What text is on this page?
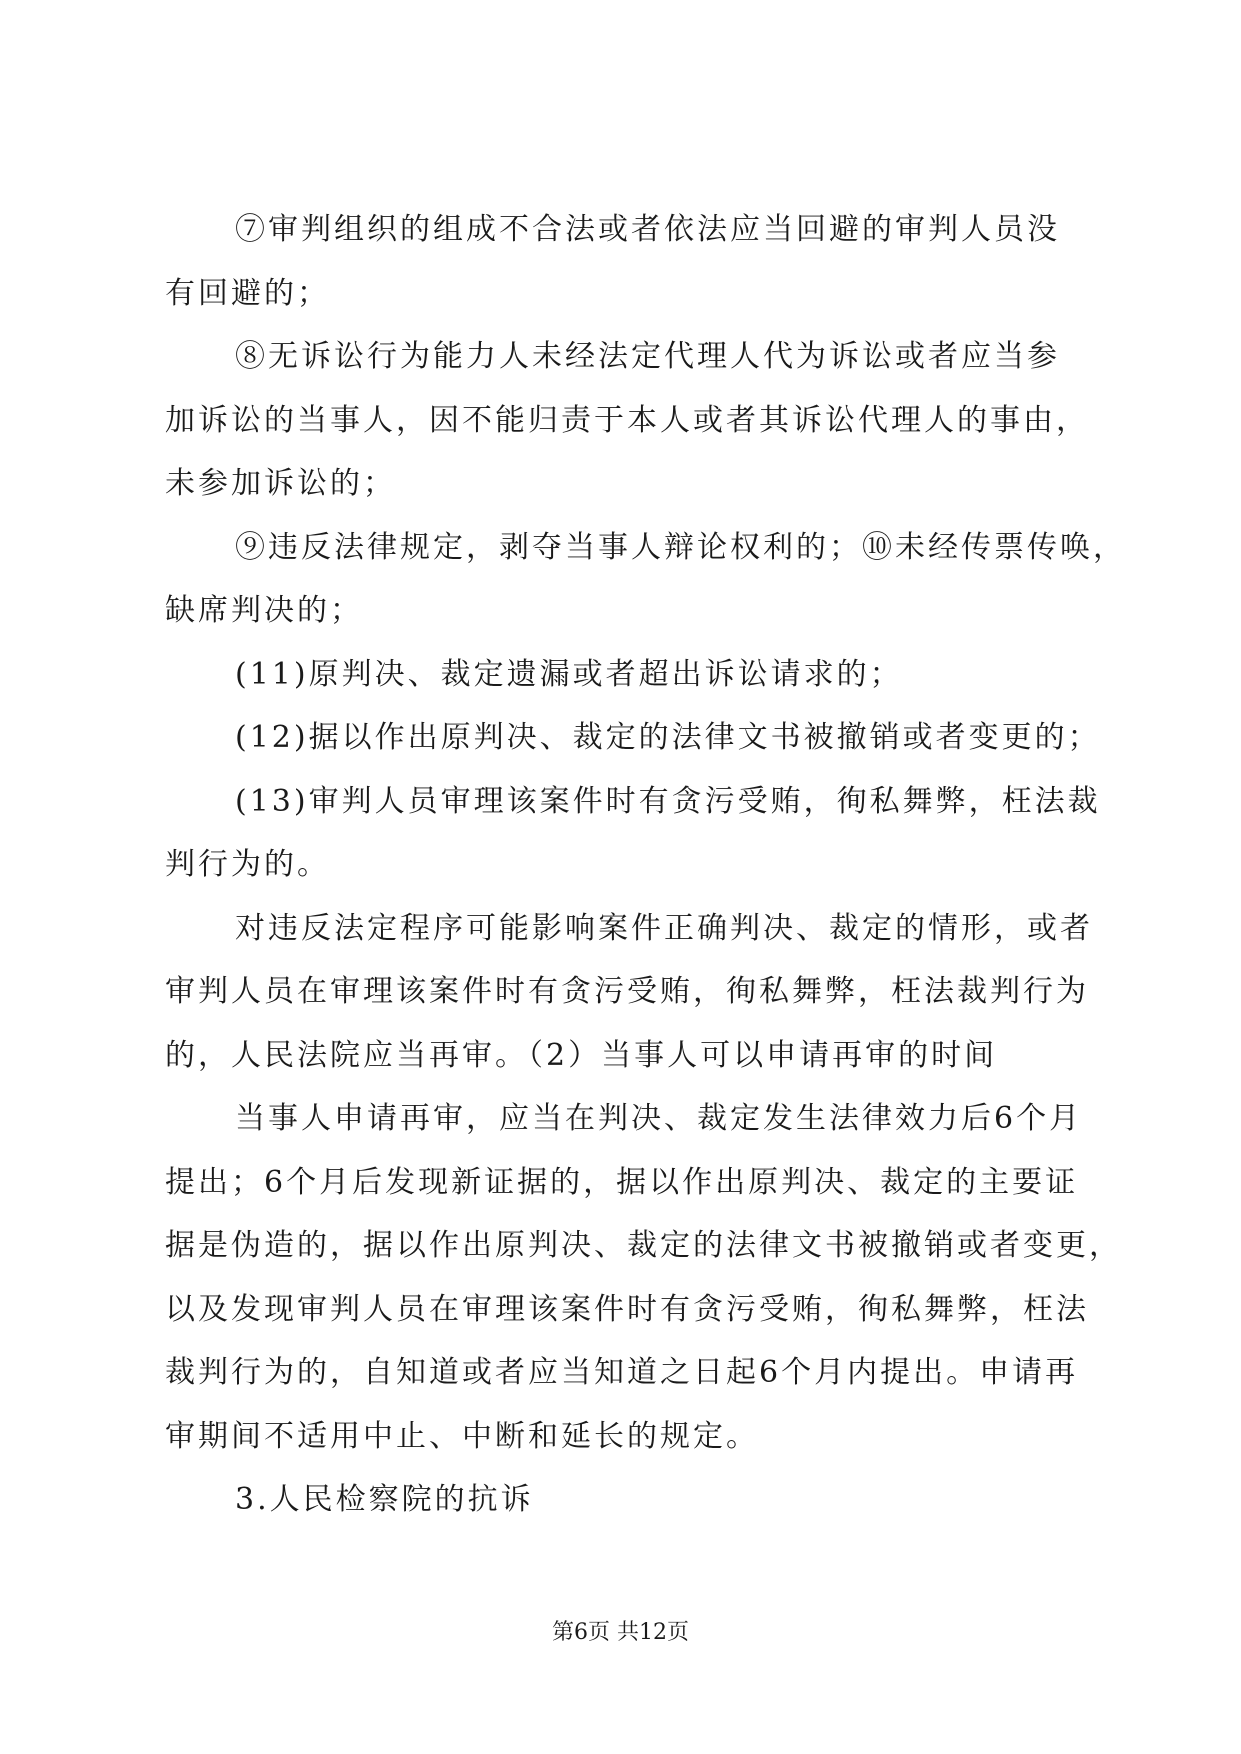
⑦审判组织的组成不合法或者依法应当回避的审判人员没
有回避的；
⑧无诉讼行为能力人未经法定代理人代为诉讼或者应当参
加诉讼的当事人，因不能归责于本人或者其诉讼代理人的事由，
未参加诉讼的；
⑨违反法律规定，剥夺当事人辩论权利的；⑩未经传票传唤，
缺席判决的；
(11)原判决、裁定遗漏或者超出诉讼请求的；
(12)据以作出原判决、裁定的法律文书被撤销或者变更的；
(13)审判人员审理该案件时有贪污受贿，徇私舞弊，枉法裁
判行为的。
对违反法定程序可能影响案件正确判决、裁定的情形，或者
审判人员在审理该案件时有贪污受贿，徇私舞弊，枉法裁判行为
的，人民法院应当再审。（2）当事人可以申请再审的时间
当事人申请再审，应当在判决、裁定发生法律效力后6个月
提出；6个月后发现新证据的，据以作出原判决、裁定的主要证
据是伪造的，据以作出原判决、裁定的法律文书被撤销或者变更，
以及发现审判人员在审理该案件时有贪污受贿，徇私舞弊，枉法
裁判行为的，自知道或者应当知道之日起6个月内提出。申请再
审期间不适用中止、中断和延长的规定。
3.人民检察院的抗诉
第6页 共12页
